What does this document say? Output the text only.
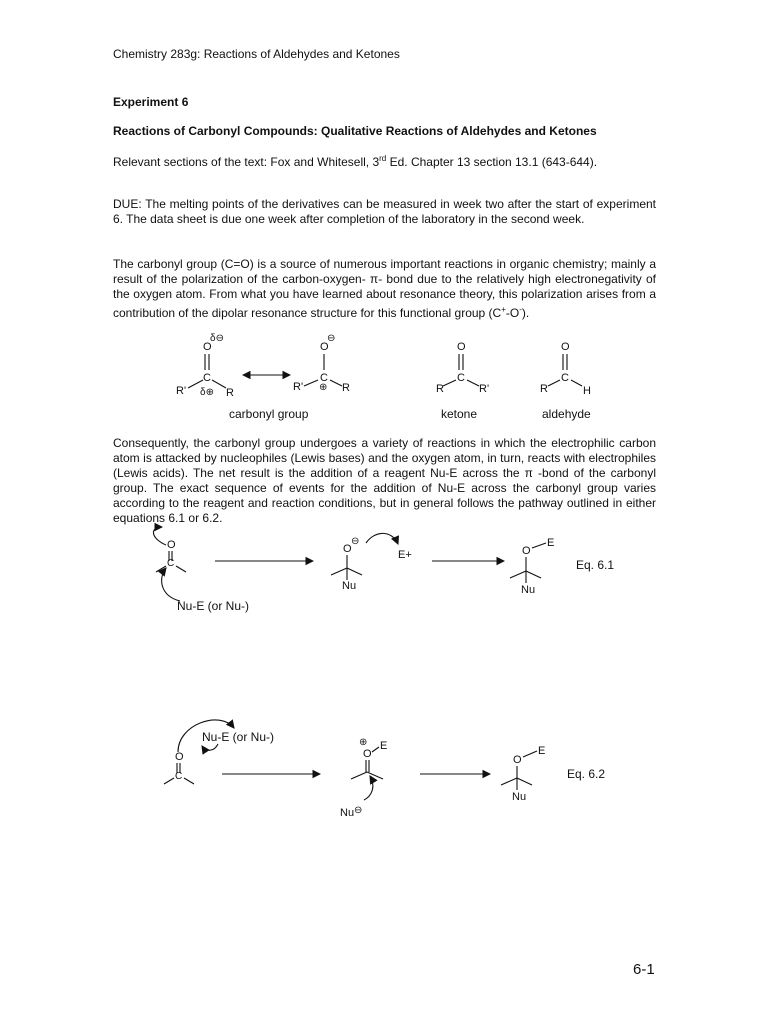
Chemistry 283g: Reactions of Aldehydes and Ketones
Experiment 6
Reactions of Carbonyl Compounds: Qualitative Reactions of Aldehydes and Ketones
Relevant sections of the text: Fox and Whitesell, 3rd Ed. Chapter 13 section 13.1 (643-644).
DUE: The melting points of the derivatives can be measured in week two after the start of experiment 6. The data sheet is due one week after completion of the laboratory in the second week.
The carbonyl group (C=O) is a source of numerous important reactions in organic chemistry; mainly a result of the polarization of the carbon-oxygen- π- bond due to the relatively high electronegativity of the oxygen atom. From what you have learned about resonance theory, this polarization arises from a contribution of the dipolar resonance structure for this functional group (C+-O-).
Consequently, the carbonyl group undergoes a variety of reactions in which the electrophilic carbon atom is attacked by nucleophiles (Lewis bases) and the oxygen atom, in turn, reacts with electrophiles (Lewis acids). The net result is the addition of a reagent Nu-E across the π -bond of the carbonyl group. The exact sequence of events for the addition of Nu-E across the carbonyl group varies according to the reagent and reaction conditions, but in general follows the pathway outlined in either equations 6.1 or 6.2.
O
δ⊖
C
R' δ⊕ R
O
⊖
C
R' ⊕ R
carbonyl group
O
C
R	R'
ketone
O
C
R	H
aldehyde
O
C
Nu-E (or Nu-)
O
⊖
Nu
E+	O
E
Nu
Eq. 6.1
Nu-E (or Nu-)
O
C
⊕
O
E
Nu ⊖
O
E
Nu
Eq. 6.2
6-1
